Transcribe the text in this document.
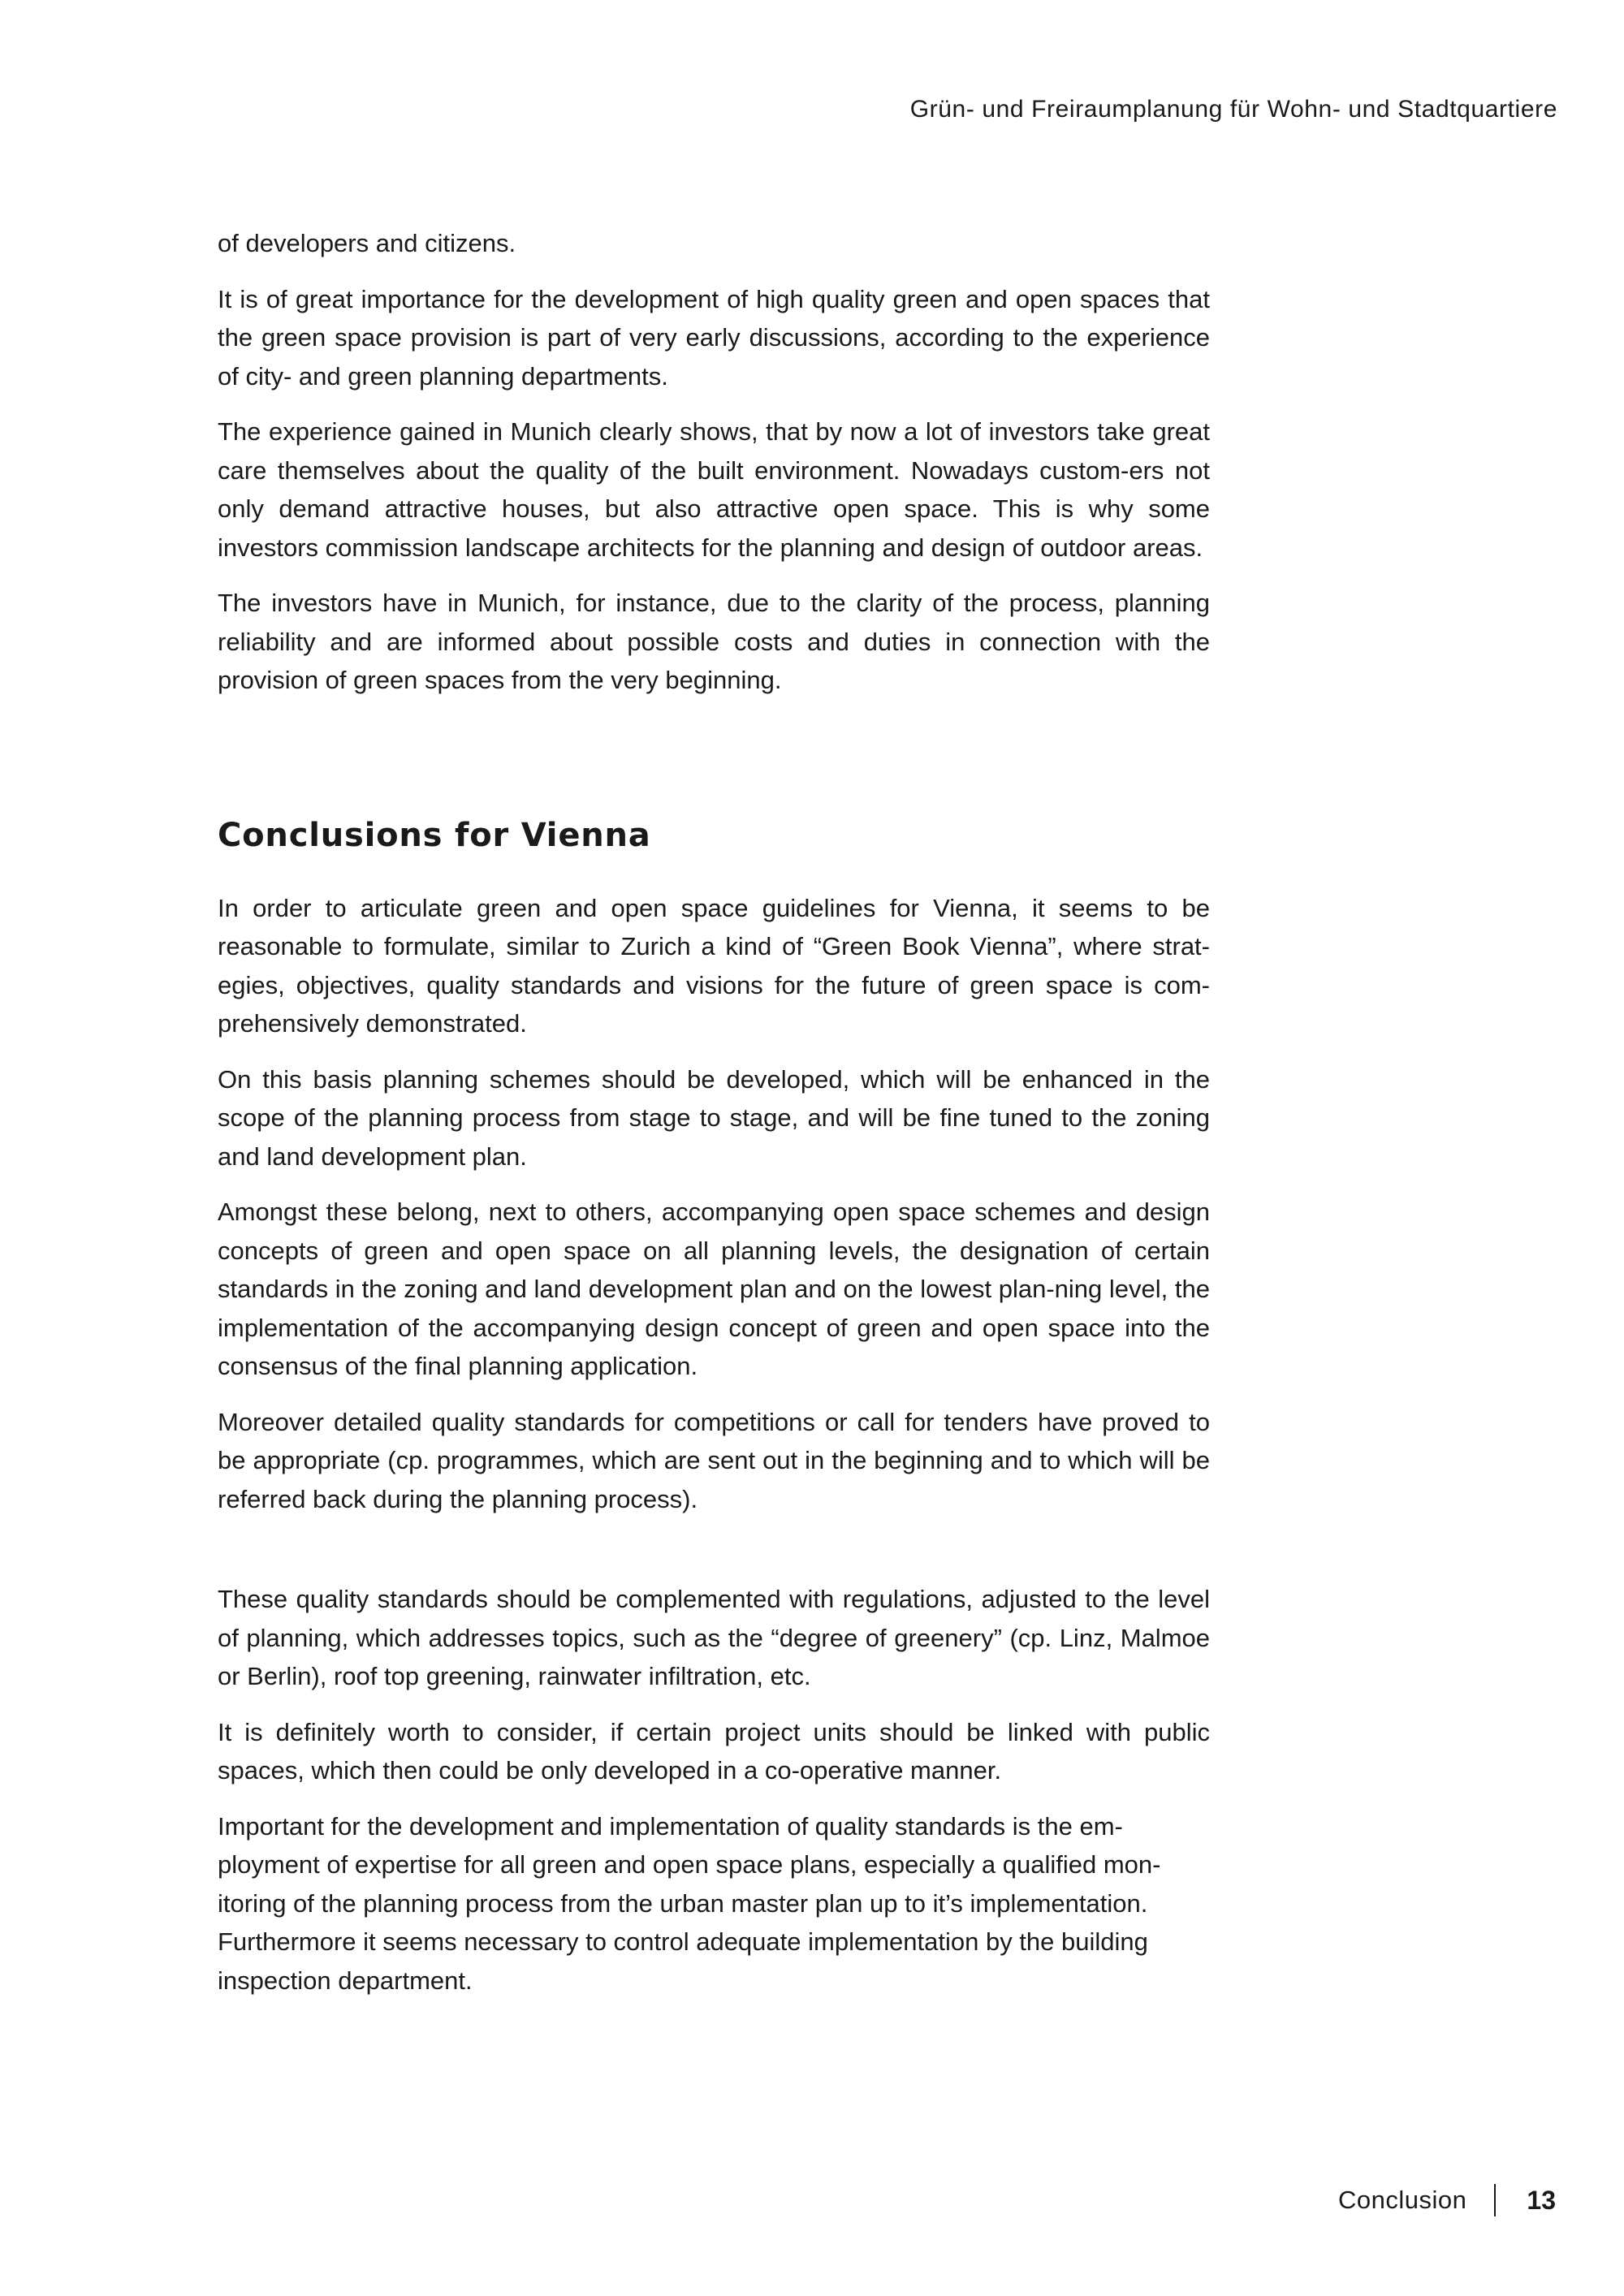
Grün- und Freiraumplanung für Wohn- und Stadtquartiere

of developers and citizens.

It is of great importance for the development of high quality green and open spaces that the green space provision is part of very early discussions, according to the experience of city- and green planning departments.

The experience gained in Munich clearly shows, that by now a lot of investors take great care themselves about the quality of the built environment. Nowadays custom-ers not only demand attractive houses, but also attractive open space. This is why some investors commission landscape architects for the planning and design of outdoor areas.

The investors have in Munich, for instance, due to the clarity of the process, planning reliability and are informed about possible costs and duties in connection with the provision of green spaces from the very beginning.

Conclusions for Vienna

In order to articulate green and open space guidelines for Vienna, it seems to be reasonable to formulate, similar to Zurich a kind of “Green Book Vienna”, where strat-egies, objectives, quality standards and visions for the future of green space is com-prehensively demonstrated.

On this basis planning schemes should be developed, which will be enhanced in the scope of the planning process from stage to stage, and will be fine tuned to the zoning and land development plan.

Amongst these belong, next to others, accompanying open space schemes and design concepts of green and open space on all planning levels, the designation of certain standards in the zoning and land development plan and on the lowest plan-ning level, the implementation of the accompanying design concept of green and open space into the consensus of the final planning application.

Moreover detailed quality standards for competitions or call for tenders have proved to be appropriate (cp. programmes, which are sent out in the beginning and to which will be referred back during the planning process).

These quality standards should be complemented with regulations, adjusted to the level of planning, which addresses topics, such as the “degree of greenery” (cp. Linz, Malmoe or Berlin), roof top greening, rainwater infiltration, etc.

It is definitely worth to consider, if certain project units should be linked with public spaces, which then could be only developed in a co-operative manner.

Important for the development and implementation of quality standards is the em-ployment of expertise for all green and open space plans, especially a qualified mon-itoring of the planning process from the urban master plan up to it’s implementation. Furthermore it seems necessary to control adequate implementation by the building inspection department.

Conclusion 13
